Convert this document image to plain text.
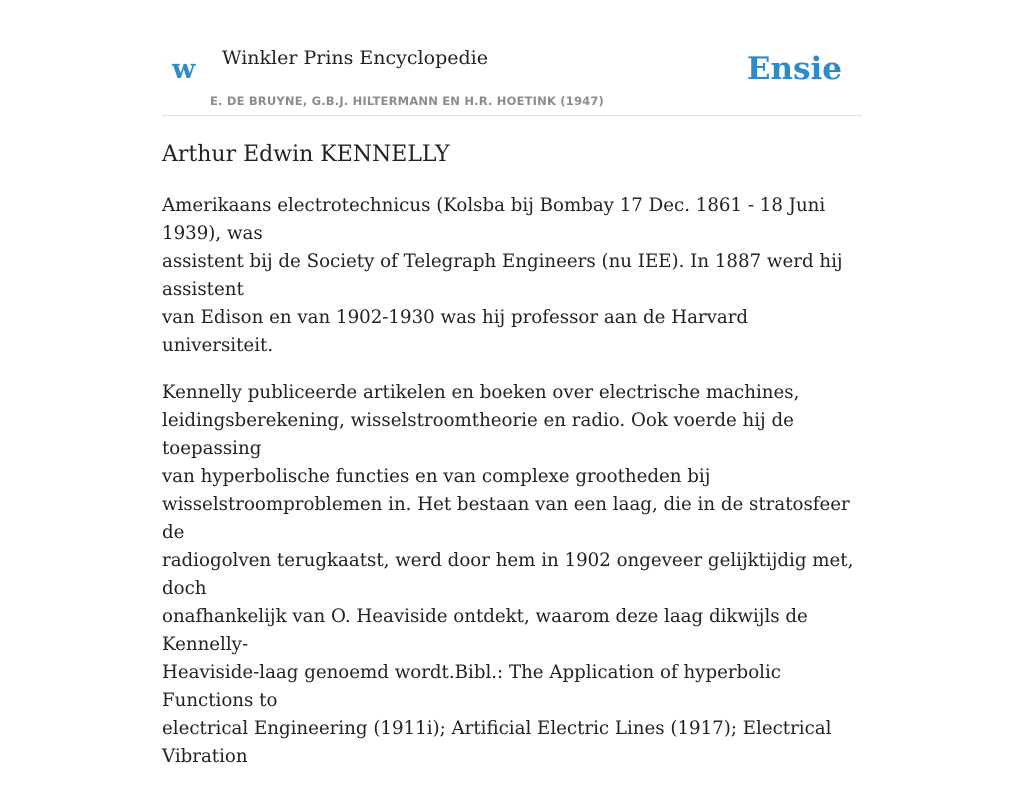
w Winkler Prins Encyclopedie
E. DE BRUYNE, G.B.J. HILTERMANN EN H.R. HOETINK (1947)
Ensie
Arthur Edwin KENNELLY

Amerikaans electrotechnicus (Kolsba bij Bombay 17 Dec. 1861 - 18 Juni 1939), was
assistent bij de Society of Telegraph Engineers (nu IEE). In 1887 werd hij assistent
van Edison en van 1902-1930 was hij professor aan de Harvard universiteit.

Kennelly publiceerde artikelen en boeken over electrische machines,
leidingsberekening, wisselstroomtheorie en radio. Ook voerde hij de toepassing
van hyperbolische functies en van complexe grootheden bij
wisselstroomproblemen in. Het bestaan van een laag, die in de stratosfeer de
radiogolven terugkaatst, werd door hem in 1902 ongeveer gelijktijdig met, doch
onafhankelijk van O. Heaviside ontdekt, waarom deze laag dikwijls de Kennelly-
Heaviside-laag genoemd wordt.Bibl.: The Application of hyperbolic Functions to
electrical Engineering (1911i); Artificial Electric Lines (1917); Electrical Vibration
